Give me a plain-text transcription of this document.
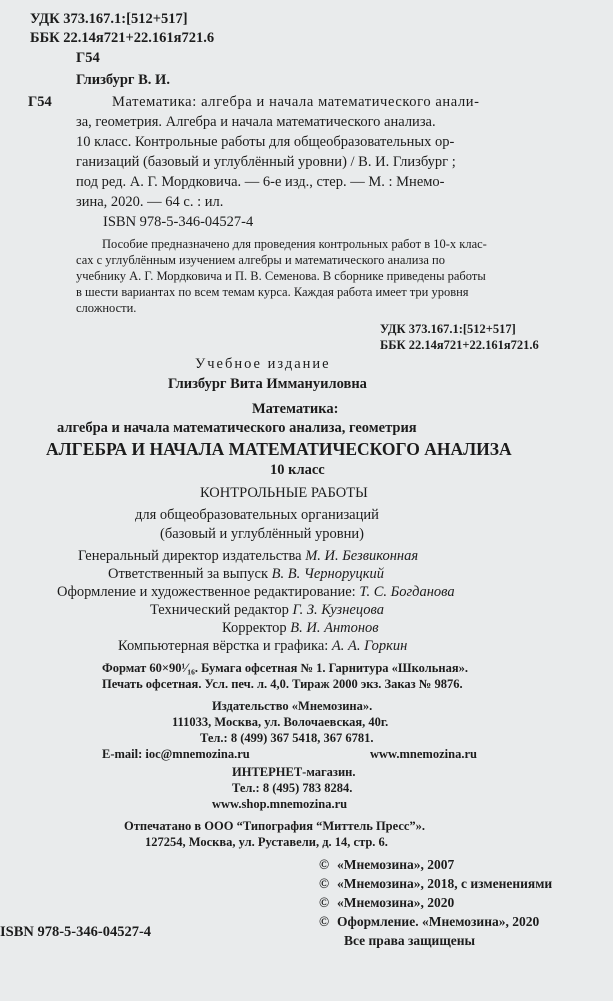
УДК 373.167.1:[512+517]
ББК 22.14я721+22.161я721.6
Г54
Глизбург В. И.
Г54	Математика: алгебра и начала математического анали-
за, геометрия. Алгебра и начала математического анализа.
10 класс. Контрольные работы для общеобразовательных ор-
ганизаций (базовый и углублённый уровни) / В. И. Глизбург ;
под ред. А. Г. Мордковича. — 6-е изд., стер. — М. : Мнемо-
зина, 2020. — 64 с. : ил.
ISBN 978-5-346-04527-4
Пособие предназначено для проведения контрольных работ в 10-х клас-
сах с углублённым изучением алгебры и математического анализа по
учебнику А. Г. Мордковича и П. В. Семенова. В сборнике приведены работы
в шести вариантах по всем темам курса. Каждая работа имеет три уровня
сложности.
УДК 373.167.1:[512+517]
ББК 22.14я721+22.161я721.6
Учебное издание
Глизбург Вита Иммануиловна
Математика:
алгебра и начала математического анализа, геометрия
АЛГЕБРА И НАЧАЛА МАТЕМАТИЧЕСКОГО АНАЛИЗА
10 класс
КОНТРОЛЬНЫЕ РАБОТЫ
для общеобразовательных организаций
(базовый и углублённый уровни)
Генеральный директор издательства М. И. Безвиконная
Ответственный за выпуск В. В. Черноруцкий
Оформление и художественное редактирование: Т. С. Богданова
Технический редактор Г. З. Кузнецова
Корректор В. И. Антонов
Компьютерная вёрстка и графика: А. А. Горкин
Формат 60×90¹⁄₁₆. Бумага офсетная № 1. Гарнитура «Школьная».
Печать офсетная. Усл. печ. л. 4,0. Тираж 2000 экз. Заказ № 9876.
Издательство «Мнемозина».
111033, Москва, ул. Волочаевская, 40г.
Тел.: 8 (499) 367 5418, 367 6781.
E-mail: ioc@mnemozina.ru	www.mnemozina.ru
ИНТЕРНЕТ-магазин.
Тел.: 8 (495) 783 8284.
www.shop.mnemozina.ru
Отпечатано в ООО “Типография “Миттель Пресс”».
127254, Москва, ул. Руставели, д. 14, стр. 6.
© «Мнемозина», 2007
© «Мнемозина», 2018, с изменениями
© «Мнемозина», 2020
© Оформление. «Мнемозина», 2020
Все права защищены
ISBN 978-5-346-04527-4
